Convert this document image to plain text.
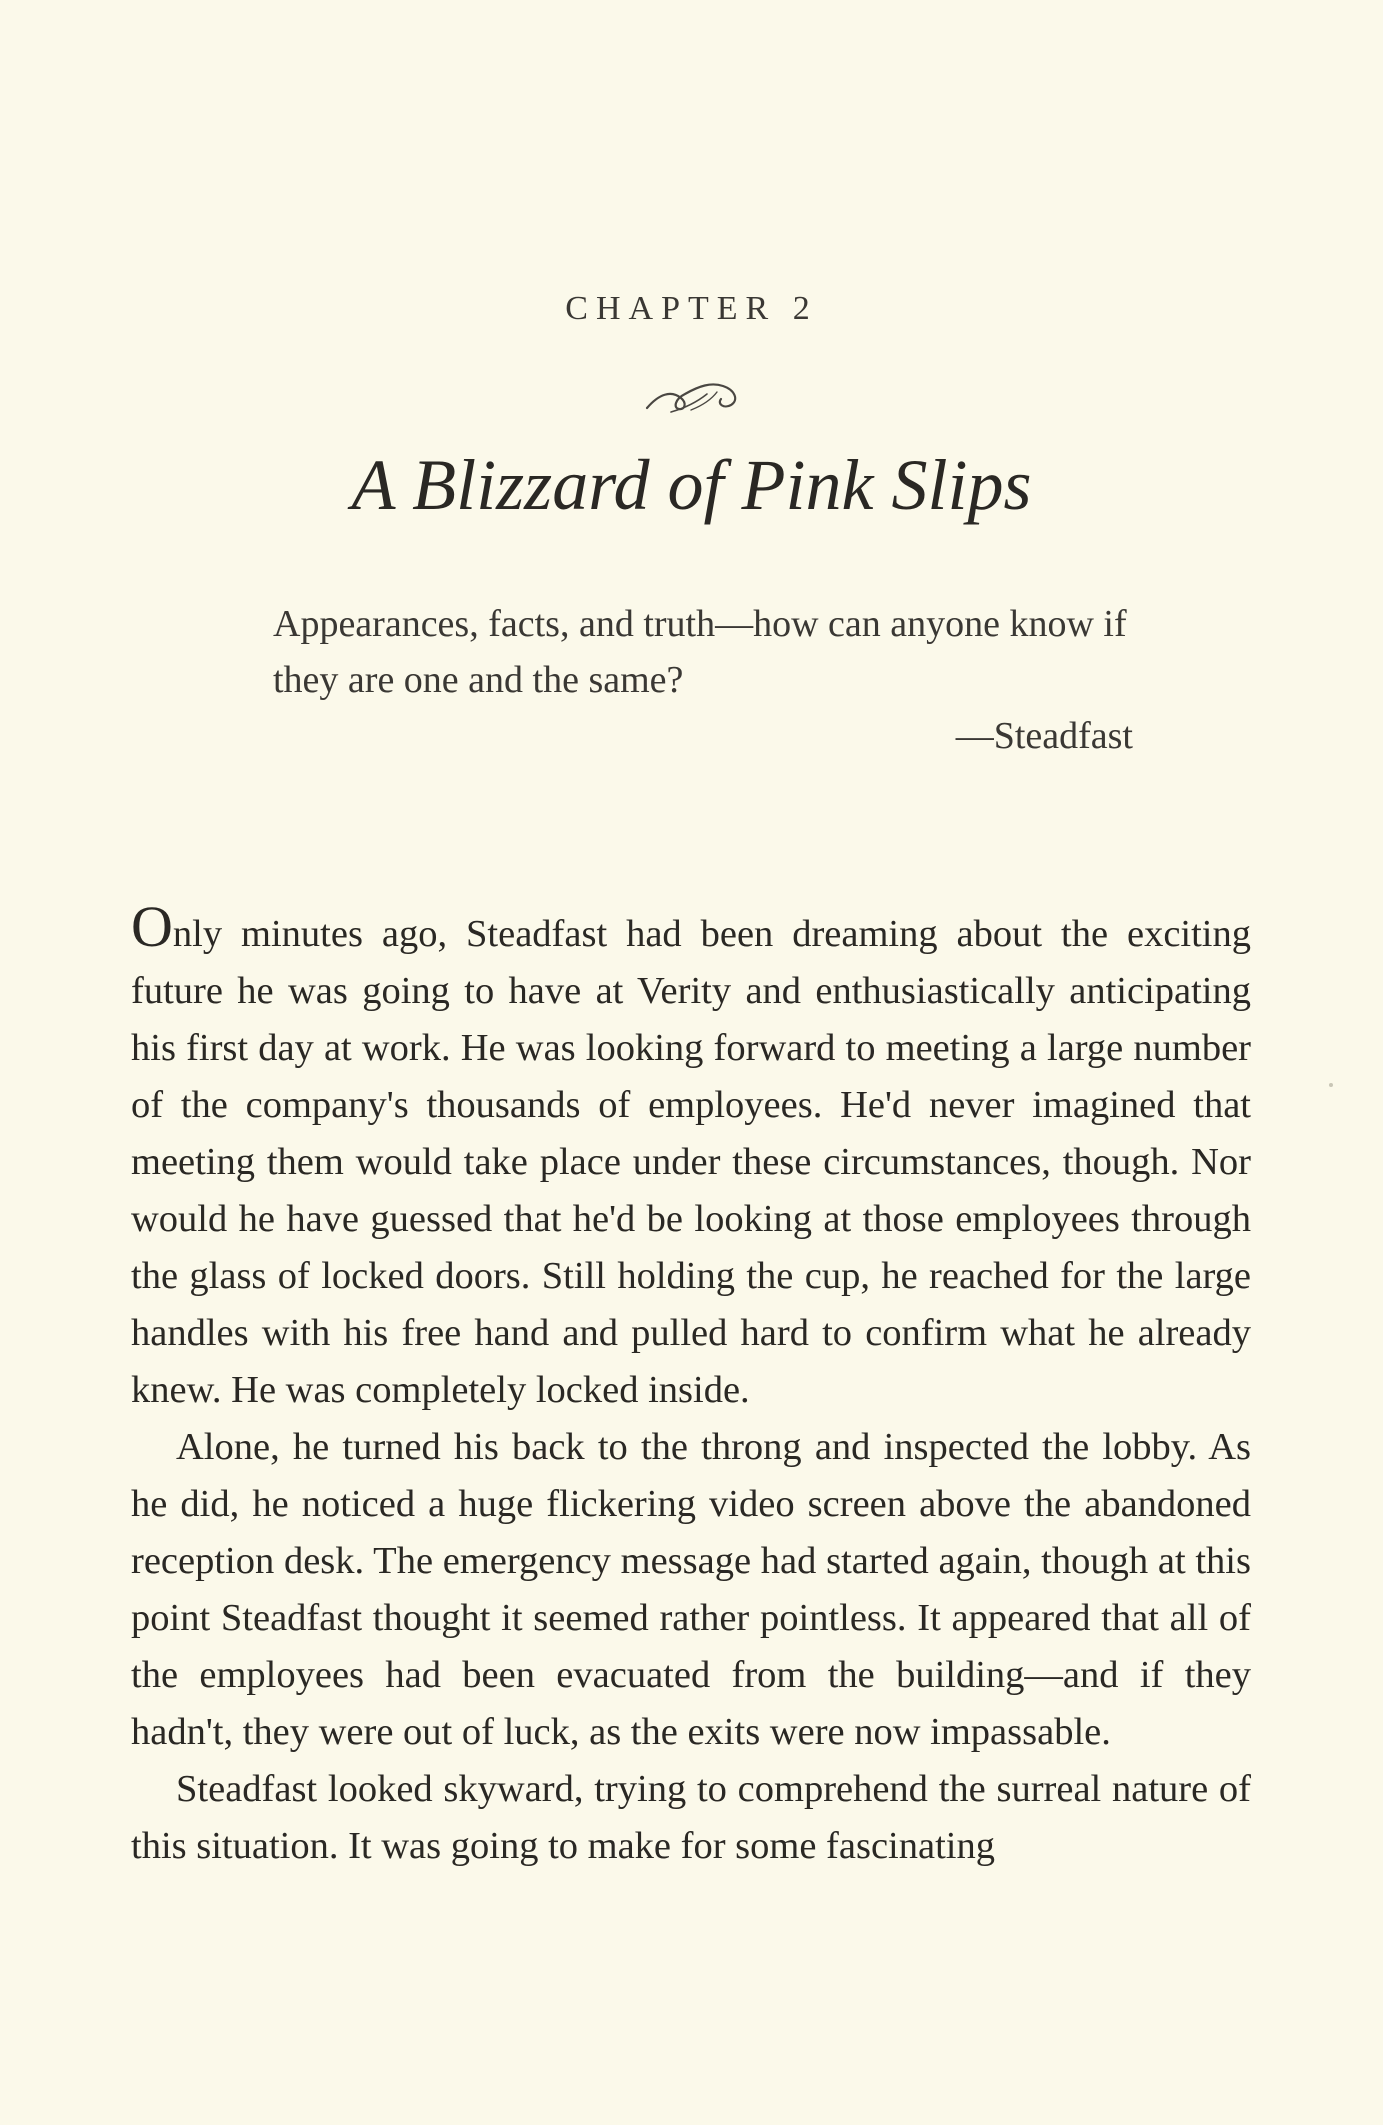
CHAPTER 2
A Blizzard of Pink Slips
Appearances, facts, and truth—how can anyone know if they are one and the same?
—Steadfast

Only minutes ago, Steadfast had been dreaming about the exciting future he was going to have at Verity and enthusiastically anticipating his first day at work. He was looking forward to meeting a large number of the company's thousands of employees. He'd never imagined that meeting them would take place under these circumstances, though. Nor would he have guessed that he'd be looking at those employees through the glass of locked doors. Still holding the cup, he reached for the large handles with his free hand and pulled hard to confirm what he already knew. He was completely locked inside.

Alone, he turned his back to the throng and inspected the lobby. As he did, he noticed a huge flickering video screen above the abandoned reception desk. The emergency message had started again, though at this point Steadfast thought it seemed rather pointless. It appeared that all of the employees had been evacuated from the building—and if they hadn't, they were out of luck, as the exits were now impassable.

Steadfast looked skyward, trying to comprehend the surreal nature of this situation. It was going to make for some fascinating
